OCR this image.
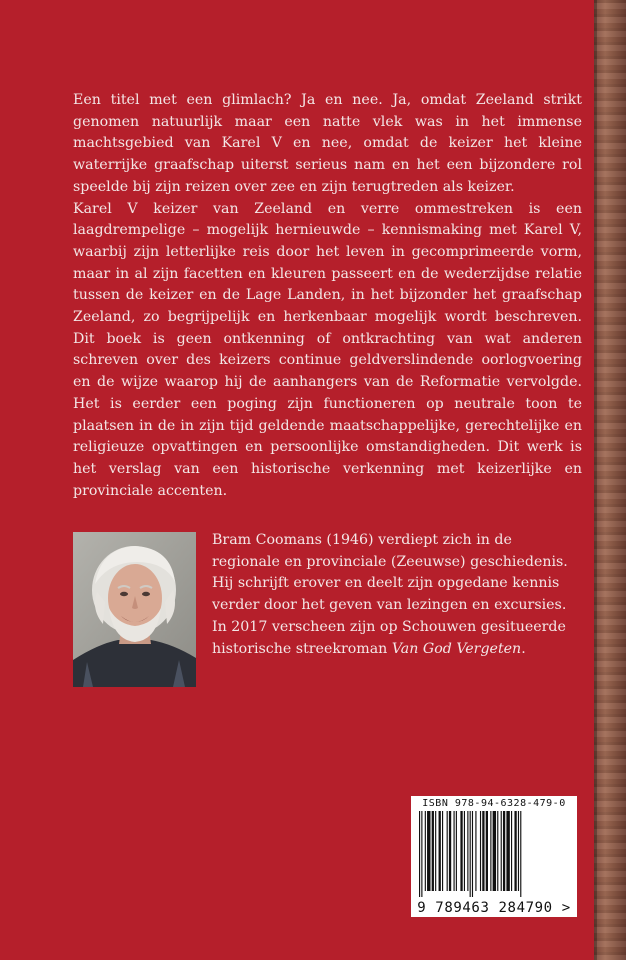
Een titel met een glimlach? Ja en nee. Ja, omdat Zeeland strikt genomen natuurlijk maar een natte vlek was in het immense machtsgebied van Karel V en nee, omdat de keizer het kleine waterrijke graafschap uiterst serieus nam en het een bijzondere rol speelde bij zijn reizen over zee en zijn terugtreden als keizer.

Karel V keizer van Zeeland en verre ommestreken is een laagdrempelige – mogelijk hernieuwde – kennismaking met Karel V, waarbij zijn letterlijke reis door het leven in gecomprimeerde vorm, maar in al zijn facetten en kleuren passeert en de wederzijdse relatie tussen de keizer en de Lage Landen, in het bijzonder het graafschap Zeeland, zo begrijpelijk en herkenbaar mogelijk wordt beschreven. Dit boek is geen ontkenning of ontkrachting van wat anderen schreven over des keizers continue geldverslindende oorlogvoering en de wijze waarop hij de aanhangers van de Reformatie vervolgde. Het is eerder een poging zijn functioneren op neutrale toon te plaatsen in de in zijn tijd geldende maatschappelijke, gerechtelijke en religieuze opvattingen en persoonlijke omstandigheden. Dit werk is het verslag van een historische verkenning met keizerlijke en provinciale accenten.

Bram Coomans (1946) verdiept zich in de regionale en provinciale (Zeeuwse) geschiedenis. Hij schrijft erover en deelt zijn opgedane kennis verder door het geven van lezingen en excursies. In 2017 verscheen zijn op Schouwen gesitueerde historische streekroman Van God Vergeten.

ISBN 978-94-6328-479-0
9 789463 284790 >
